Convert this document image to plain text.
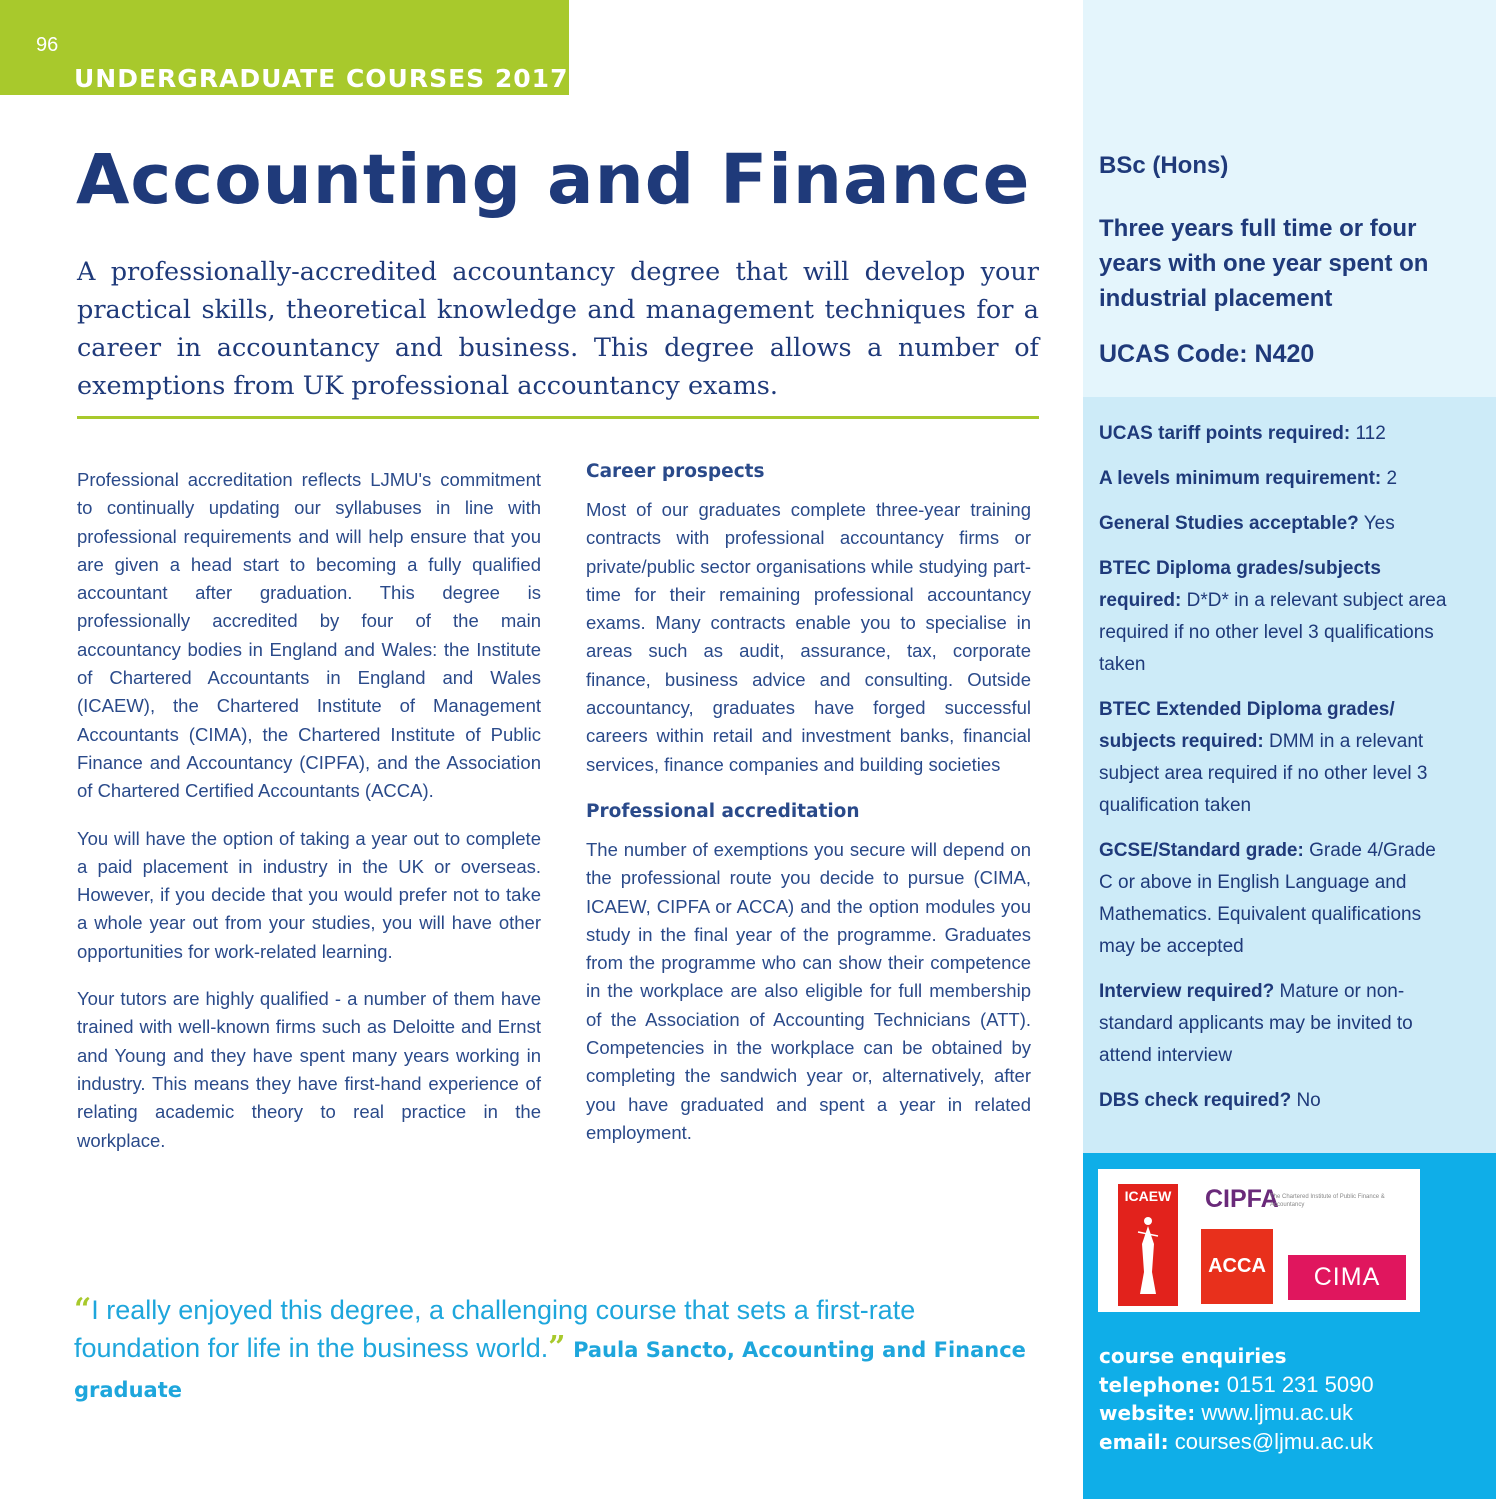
96
UNDERGRADUATE COURSES 2017
Accounting and Finance

A professionally-accredited accountancy degree that will develop your practical skills, theoretical knowledge and management techniques for a career in accountancy and business. This degree allows a number of exemptions from UK professional accountancy exams.

Professional accreditation reflects LJMU's commitment to continually updating our syllabuses in line with professional requirements and will help ensure that you are given a head start to becoming a fully qualified accountant after graduation. This degree is professionally accredited by four of the main accountancy bodies in England and Wales: the Institute of Chartered Accountants in England and Wales (ICAEW), the Chartered Institute of Management Accountants (CIMA), the Chartered Institute of Public Finance and Accountancy (CIPFA), and the Association of Chartered Certified Accountants (ACCA).

You will have the option of taking a year out to complete a paid placement in industry in the UK or overseas. However, if you decide that you would prefer not to take a whole year out from your studies, you will have other opportunities for work-related learning.

Your tutors are highly qualified - a number of them have trained with well-known firms such as Deloitte and Ernst and Young and they have spent many years working in industry. This means they have first-hand experience of relating academic theory to real practice in the workplace.

Career prospects

Most of our graduates complete three-year training contracts with professional accountancy firms or private/public sector organisations while studying part-time for their remaining professional accountancy exams. Many contracts enable you to specialise in areas such as audit, assurance, tax, corporate finance, business advice and consulting. Outside accountancy, graduates have forged successful careers within retail and investment banks, financial services, finance companies and building societies

Professional accreditation

The number of exemptions you secure will depend on the professional route you decide to pursue (CIMA, ICAEW, CIPFA or ACCA) and the option modules you study in the final year of the programme. Graduates from the programme who can show their competence in the workplace are also eligible for full membership of the Association of Accounting Technicians (ATT). Competencies in the workplace can be obtained by completing the sandwich year or, alternatively, after you have graduated and spent a year in related employment.

“I really enjoyed this degree, a challenging course that sets a first-rate foundation for life in the business world.” Paula Sancto, Accounting and Finance graduate
BSc (Hons)
Three years full time or four years with one year spent on industrial placement
UCAS Code: N420
UCAS tariff points required: 112
A levels minimum requirement: 2
General Studies acceptable? Yes
BTEC Diploma grades/subjects required: D*D* in a relevant subject area required if no other level 3 qualifications taken
BTEC Extended Diploma grades/ subjects required: DMM in a relevant subject area required if no other level 3 qualification taken
GCSE/Standard grade: Grade 4/Grade C or above in English Language and Mathematics. Equivalent qualifications may be accepted
Interview required? Mature or non-standard applicants may be invited to attend interview
DBS check required? No
ICAEW CIPFA
The Chartered Institute of Public Finance & Accountancy
ACCA	CIMA
course enquiries
telephone: 0151 231 5090
website: www.ljmu.ac.uk
email: courses@ljmu.ac.uk
